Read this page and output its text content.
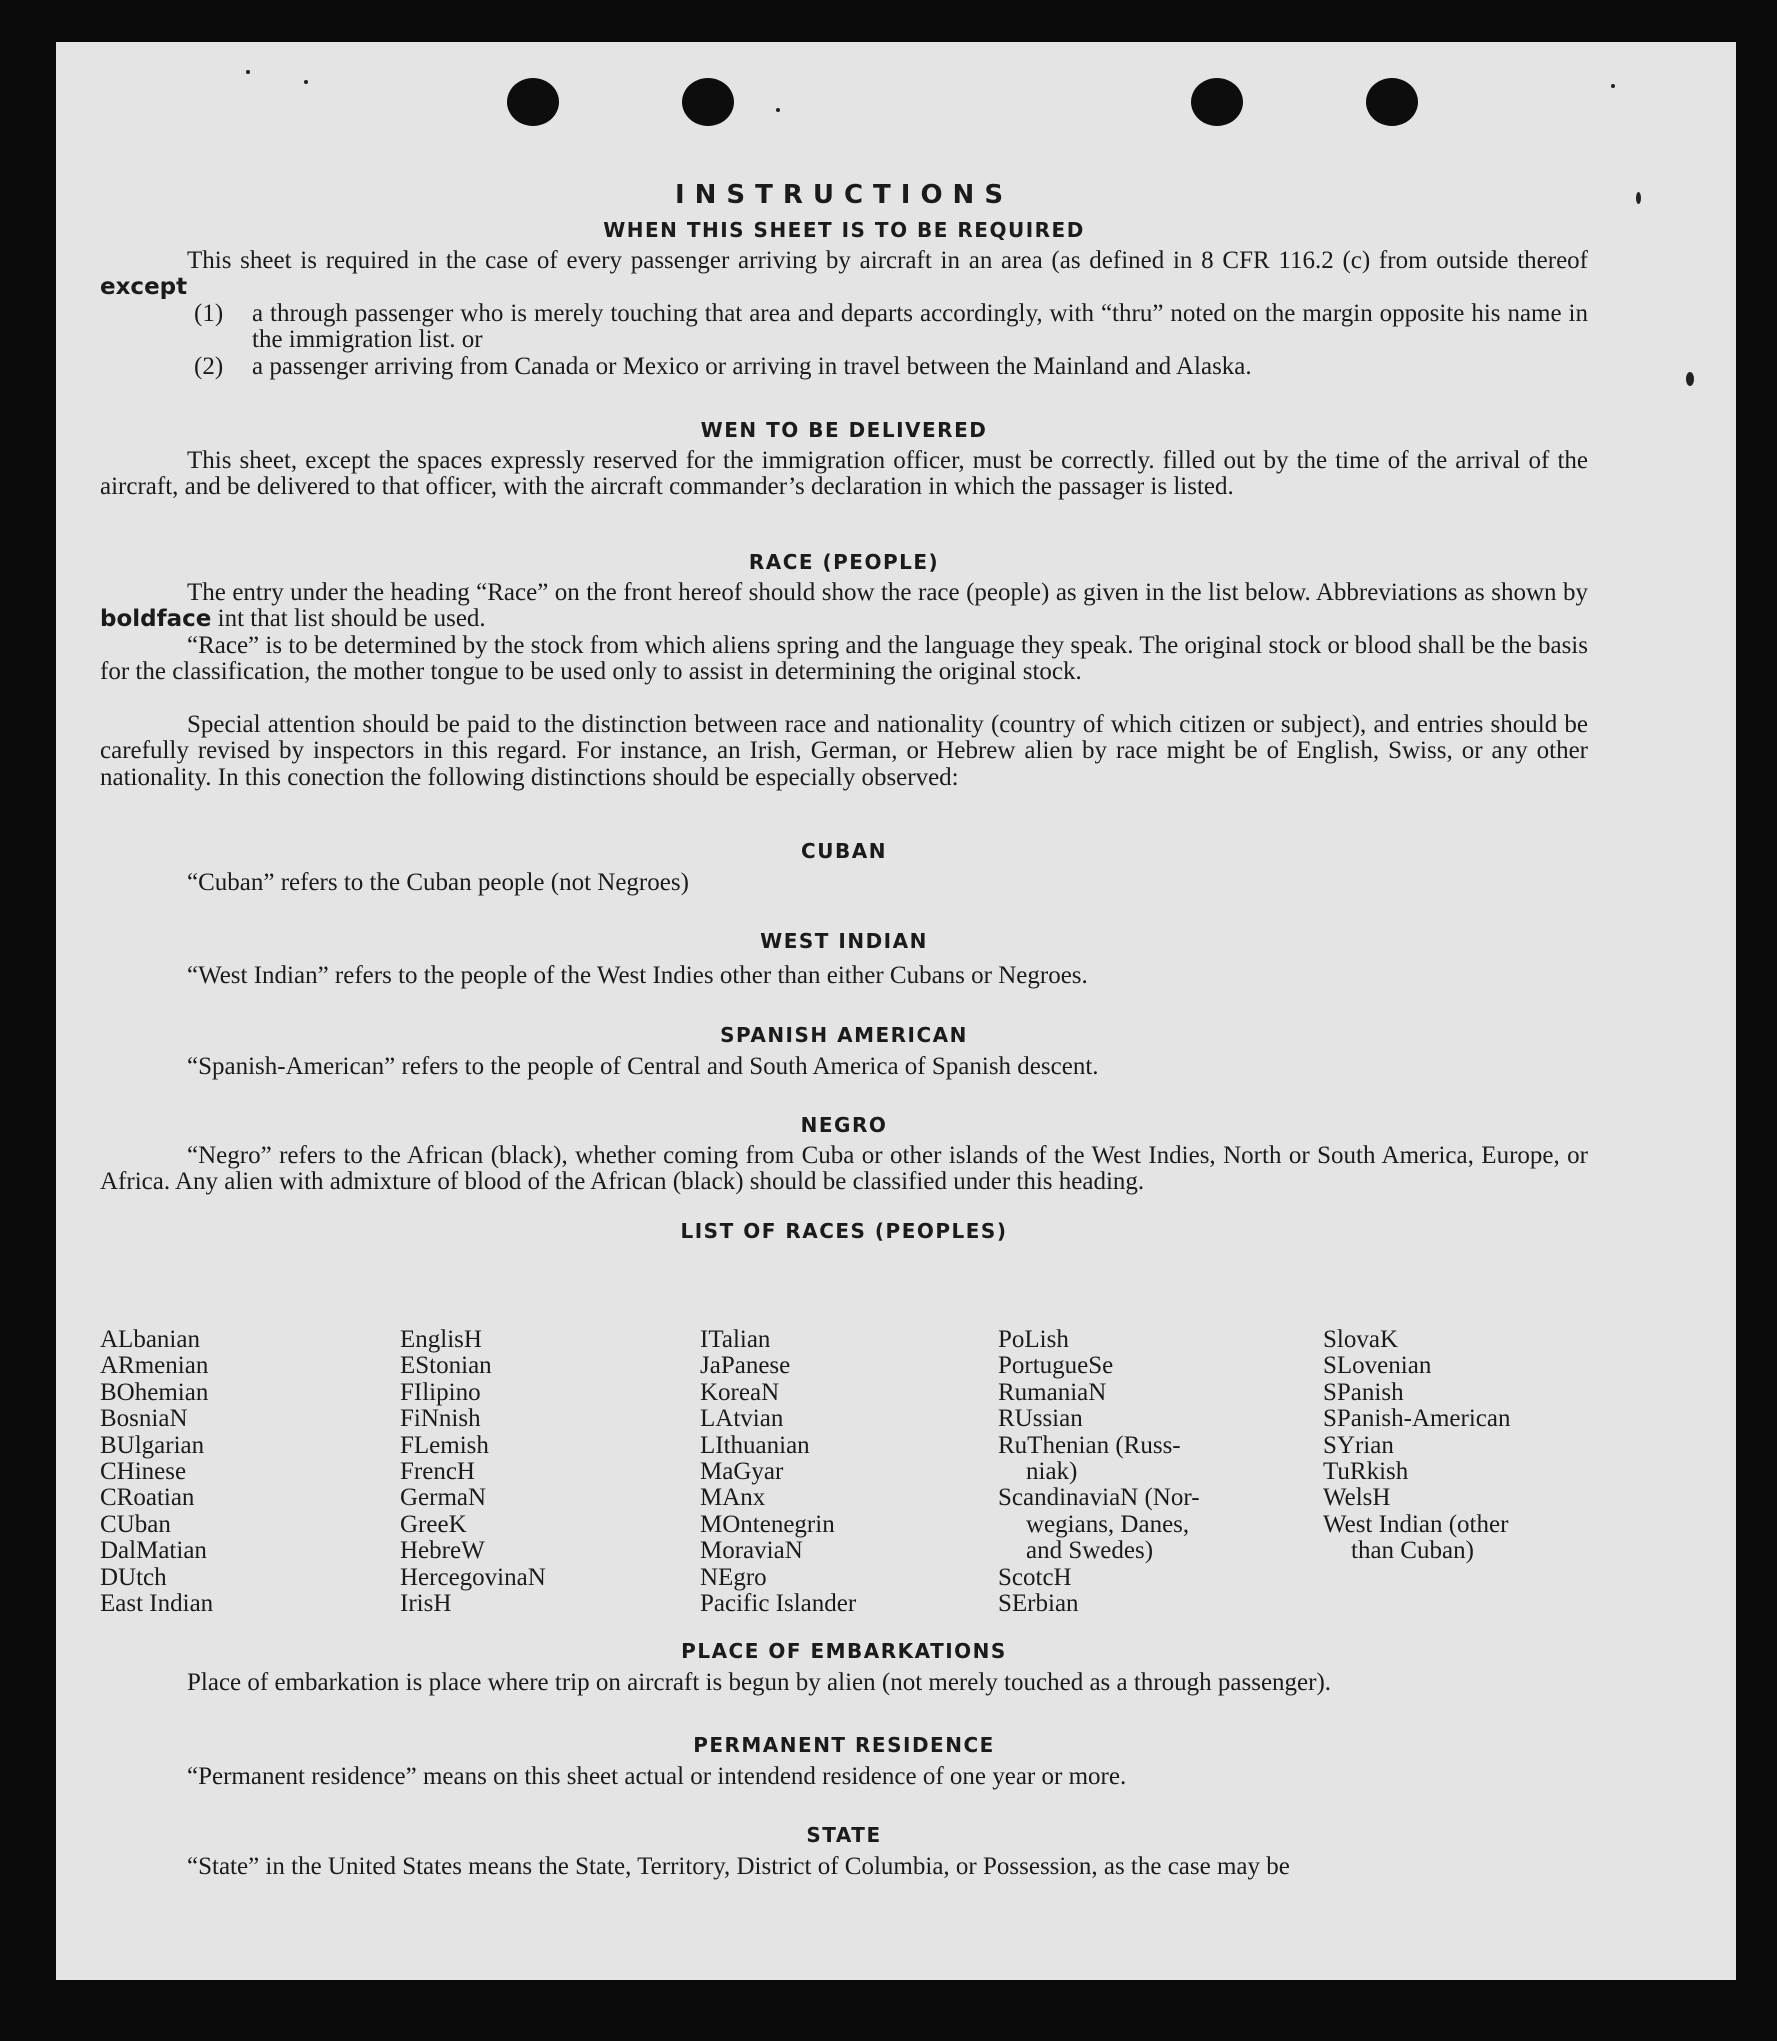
INSTRUCTIONS
WHEN THIS SHEET IS TO BE REQUIRED
This sheet is required in the case of every passenger arriving by aircraft in an area (as defined in 8 CFR 116.2 (c) from outside thereof except
(1)	a through passenger who is merely touching that area and departs accordingly, with “thru” noted on the margin opposite his name in the immigration list. or
(2)	a passenger arriving from Canada or Mexico or arriving in travel between the Mainland and Alaska.
WEN TO BE DELIVERED
This sheet, except the spaces expressly reserved for the immigration officer, must be correctly. filled out by the time of the arrival of the aircraft, and be delivered to that officer, with the aircraft commander’s declaration in which the passager is listed.
RACE (PEOPLE)
The entry under the heading “Race” on the front hereof should show the race (people) as given in the list below. Abbreviations as shown by boldface int that list should be used.
“Race” is to be determined by the stock from which aliens spring and the language they speak. The original stock or blood shall be the basis for the classification, the mother tongue to be used only to assist in determining the original stock.
Special attention should be paid to the distinction between race and nationality (country of which citizen or subject), and entries should be carefully revised by inspectors in this regard. For instance, an Irish, German, or Hebrew alien by race might be of English, Swiss, or any other nationality. In this conection the following distinctions should be especially observed:
CUBAN
“Cuban” refers to the Cuban people (not Negroes)
WEST INDIAN
“West Indian” refers to the people of the West Indies other than either Cubans or Negroes.
SPANISH AMERICAN
“Spanish-American” refers to the people of Central and South America of Spanish descent.
NEGRO
“Negro” refers to the African (black), whether coming from Cuba or other islands of the West Indies, North or South America, Europe, or Africa. Any alien with admixture of blood of the African (black) should be classified under this heading.
LIST OF RACES (PEOPLES)
ALbanian
ARmenian
BOhemian
BosniaN
BUlgarian
CHinese
CRoatian
CUban
DalMatian
DUtch
East Indian
EnglisH
EStonian
FIlipino
FiNnish
FLemish
FrencH
GermaN
GreeK
HebreW
HercegovinaN
IrisH
ITalian
JaPanese
KoreaN
LAtvian
LIthuanian
MaGyar
MAnx
MOntenegrin
MoraviaN
NEgro
Pacific Islander
PoLish
PortugueSe
RumaniaN
RUssian
RuThenian (Russ-
niak)
ScandinaviaN (Nor-
wegians, Danes,
and Swedes)
ScotcH
SErbian
SlovaK
SLovenian
SPanish
SPanish-American
SYrian
TuRkish
WelsH
West Indian (other
than Cuban)
PLACE OF EMBARKATIONS
Place of embarkation is place where trip on aircraft is begun by alien (not merely touched as a through passenger).
PERMANENT RESIDENCE
“Permanent residence” means on this sheet actual or intendend residence of one year or more.
STATE
“State” in the United States means the State, Territory, District of Columbia, or Possession, as the case may be
